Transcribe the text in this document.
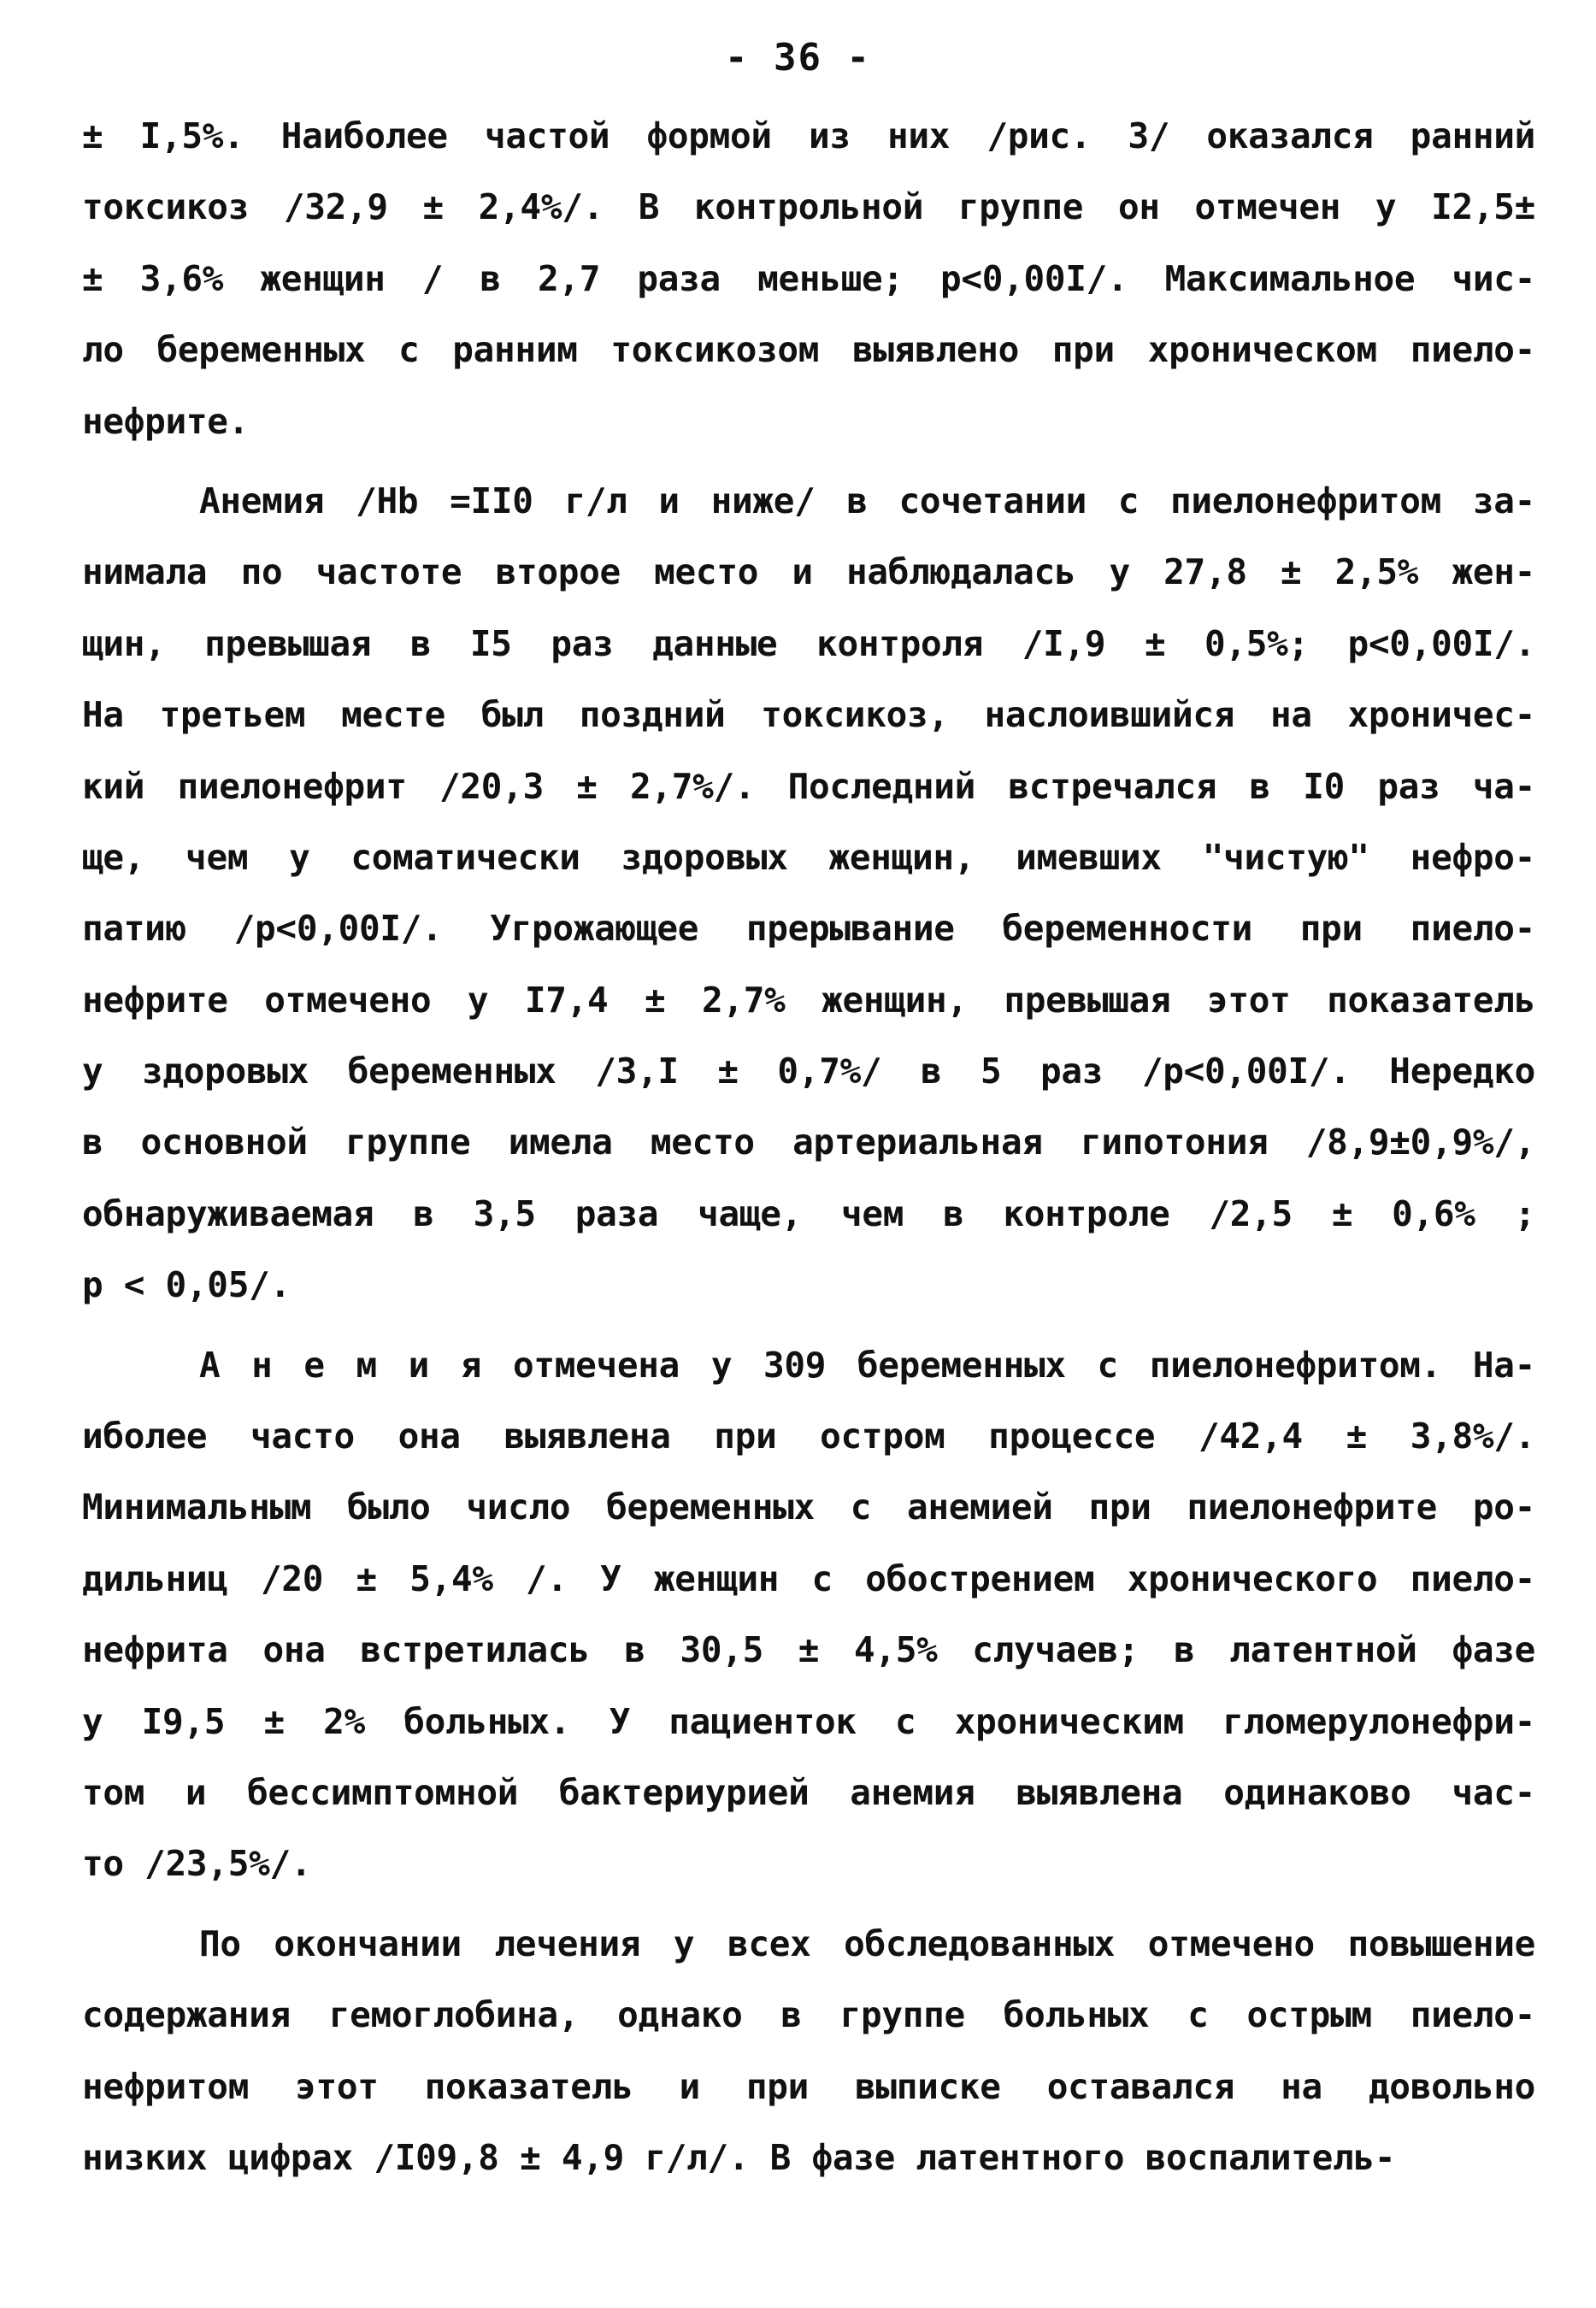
- 36 -
± I,5%. Наиболее частой формой из них /рис. 3/ оказался ранний
токсикоз /32,9 ± 2,4%/. В контрольной группе он отмечен у I2,5±
± 3,6% женщин / в 2,7 раза меньше; р<0,00I/. Максимальное чис-
ло беременных с ранним токсикозом выявлено при хроническом пиело-
нефрите.
Анемия /Hb =II0 г/л и ниже/ в сочетании с пиелонефритом за-
нимала по частоте второе место и наблюдалась у 27,8 ± 2,5% жен-
щин, превышая в I5 раз данные контроля /I,9 ± 0,5%; р<0,00I/.
На третьем месте был поздний токсикоз, наслоившийся на хроничес-
кий пиелонефрит /20,3 ± 2,7%/. Последний встречался в I0 раз ча-
ще, чем у соматически здоровых женщин, имевших "чистую" нефро-
патию /р<0,00I/. Угрожающее прерывание беременности при пиело-
нефрите отмечено у I7,4 ± 2,7% женщин, превышая этот показатель
у здоровых беременных /3,I ± 0,7%/ в 5 раз /р<0,00I/. Нередко
в основной группе имела место артериальная гипотония /8,9±0,9%/,
обнаруживаемая в 3,5 раза чаще, чем в контроле /2,5 ± 0,6% ;
р < 0,05/.
А н е м и я отмечена у 309 беременных с пиелонефритом. На-
иболее часто она выявлена при остром процессе /42,4 ± 3,8%/.
Минимальным было число беременных с анемией при пиелонефрите ро-
дильниц /20 ± 5,4% /. У женщин с обострением хронического пиело-
нефрита она встретилась в 30,5 ± 4,5% случаев; в латентной фазе
у I9,5 ± 2% больных. У пациенток с хроническим гломерулонефри-
том и бессимптомной бактериурией анемия выявлена одинаково час-
то /23,5%/.
По окончании лечения у всех обследованных отмечено повышение
содержания гемоглобина, однако в группе больных с острым пиело-
нефритом этот показатель и при выписке оставался на довольно
низких цифрах /I09,8 ± 4,9 г/л/. В фазе латентного воспалитель-
